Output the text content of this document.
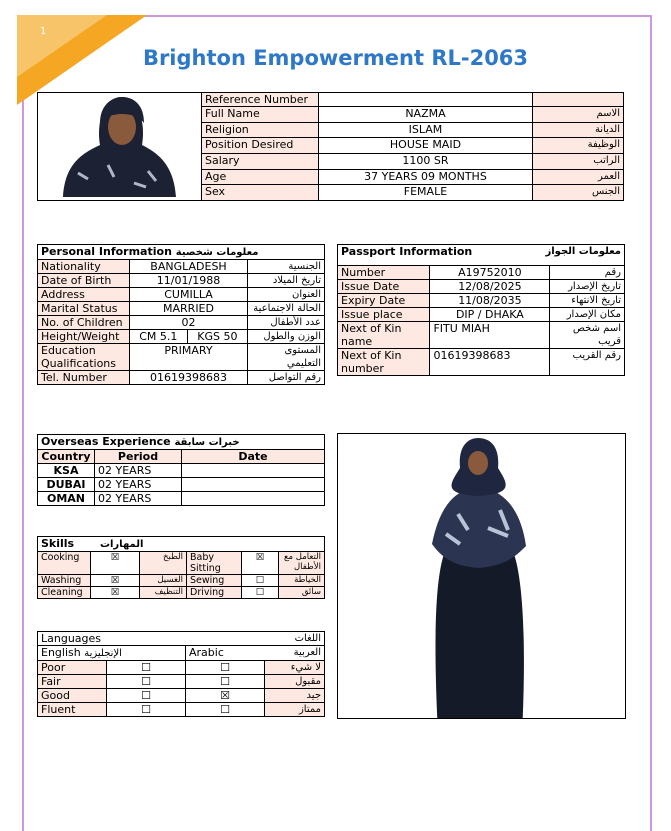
1
Brighton Empowerment RL-2063
	Reference Number		
	Full Name	NAZMA	الاسم
	Religion	ISLAM	الديانة
	Position Desired	HOUSE MAID	الوظيفة
	Salary	1100 SR	الراتب
	Age	37 YEARS 09 MONTHS	العمر
	Sex	FEMALE	الجنس
Personal Information معلومات شخصية			
Nationality	BANGLADESH		الجنسية
Date of Birth	11/01/1988		تاريخ الميلاد
Address	CUMILLA		العنوان
Marital Status	MARRIED		الحالة الاجتماعية
No. of Children	02		عدد الأطفال
Height/Weight	CM 5.1	KGS 50	الوزن والطول
Education Qualifications	PRIMARY		المستوى التعليمي
Tel. Number	01619398683		رقم التواصل
Passport Information معلومات الجواز		

Number	A19752010	رقم
Issue Date	12/08/2025	تاريخ الإصدار
Expiry Date	11/08/2035	تاريخ الانتهاء
Issue place	DIP / DHAKA	مكان الإصدار
Next of Kin name	FITU MIAH	اسم شخص قريب
Next of Kin number	01619398683	رقم القريب
Overseas Experience خبرات سابقة		
Country	Period	Date
KSA	02 YEARS	
DUBAI	02 YEARS	
OMAN	02 YEARS	
Skills المهارات					
Cooking	☒	الطبخ	Baby Sitting	☒	التعامل مع الأطفال
Washing	☒	الغسيل	Sewing	☐	الخياطة
Cleaning	☒	التنظيف	Driving	☐	سائق
Languages		اللغات	
English الإنجليزية		Arabic العربية	

Poor	☐	☐	لا شيء
Fair	☐	☐	مقبول
Good	☐	☒	جيد
Fluent	☐	☐	ممتاز
